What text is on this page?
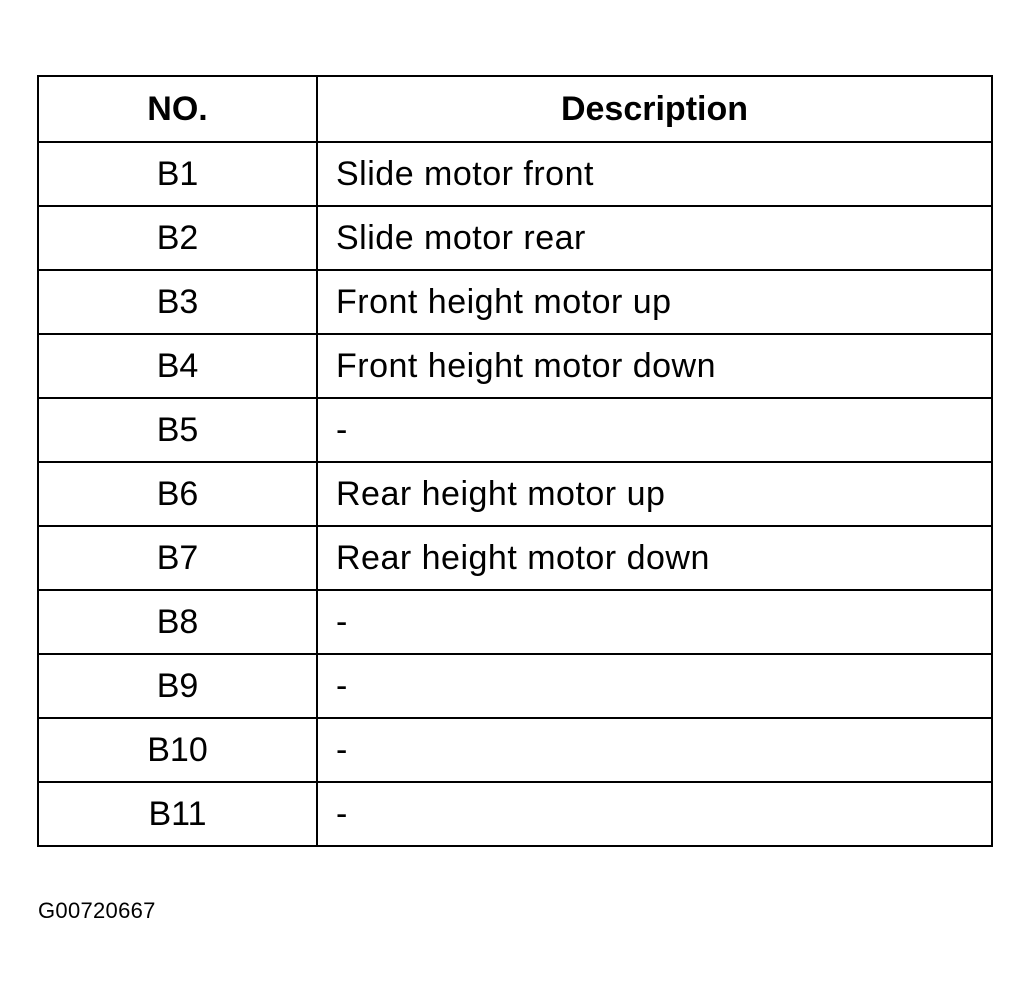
NO.	Description
B1	Slide motor front
B2	Slide motor rear
B3	Front height motor up
B4	Front height motor down
B5	-
B6	Rear height motor up
B7	Rear height motor down
B8	-
B9	-
B10	-
B11	-
G00720667
